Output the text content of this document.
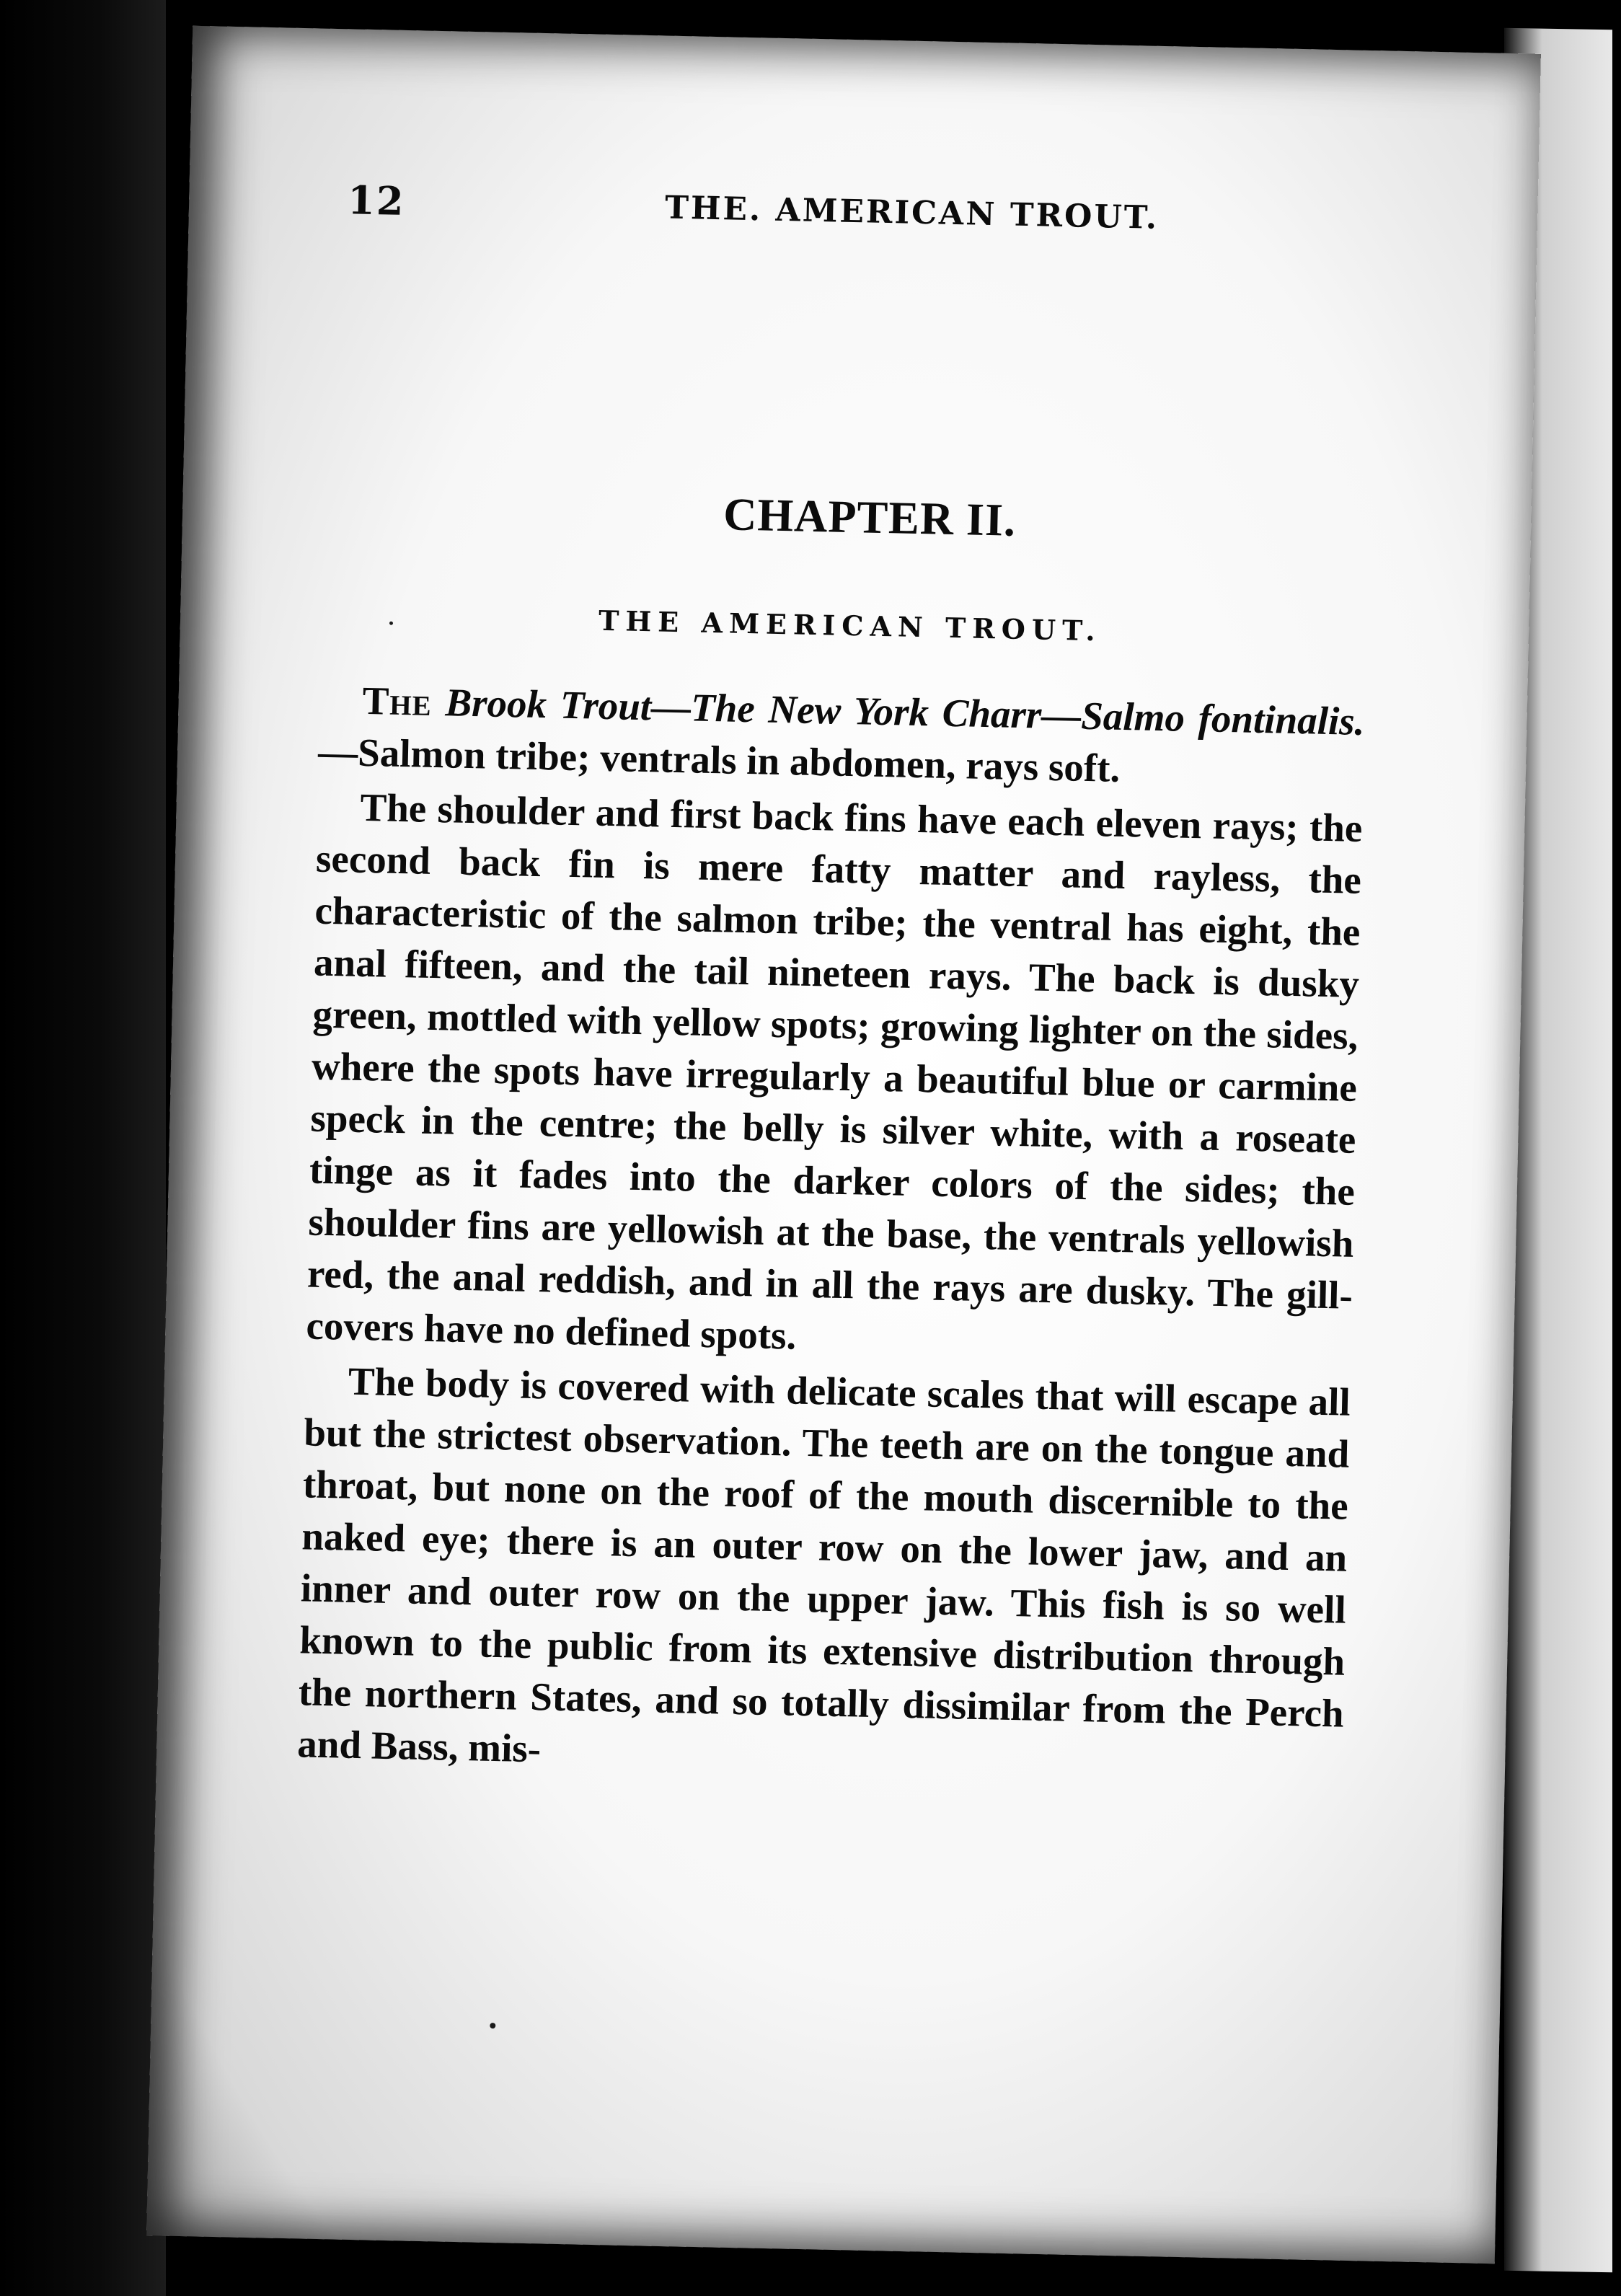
12	THE. AMERICAN TROUT.
CHAPTER II.
THE AMERICAN TROUT.

The Brook Trout—The New York Charr—Salmo fontinalis.—Salmon tribe; ventrals in abdomen, rays soft.

The shoulder and first back fins have each eleven rays; the second back fin is mere fatty matter and rayless, the characteristic of the salmon tribe; the ventral has eight, the anal fifteen, and the tail nineteen rays. The back is dusky green, mottled with yellow spots; growing lighter on the sides, where the spots have irregularly a beautiful blue or carmine speck in the centre; the belly is silver white, with a roseate tinge as it fades into the darker colors of the sides; the shoulder fins are yellowish at the base, the ventrals yellowish red, the anal reddish, and in all the rays are dusky. The gill-covers have no defined spots.

The body is covered with delicate scales that will escape all but the strictest observation. The teeth are on the tongue and throat, but none on the roof of the mouth discernible to the naked eye; there is an outer row on the lower jaw, and an inner and outer row on the upper jaw. This fish is so well known to the public from its extensive distribution through the northern States, and so totally dissimilar from the Perch and Bass, mis-
